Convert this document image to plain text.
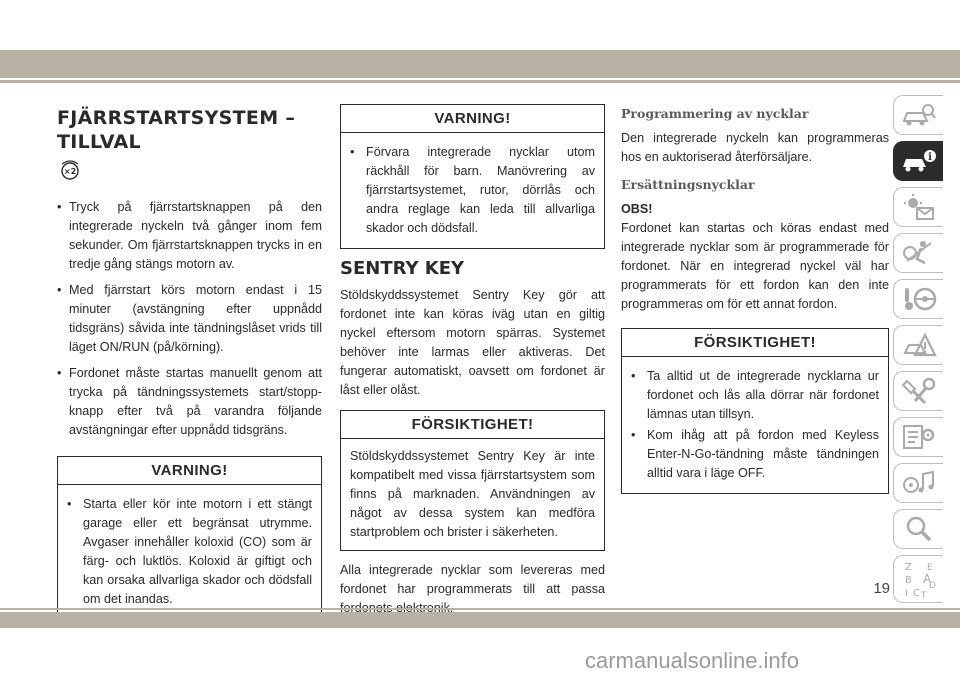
FJÄRRSTARTSYSTEM –
TILLVAL
×2
• Tryck på fjärrstartsknappen på den integrerade nyckeln två gånger inom fem sekunder. Om fjärrstartsknappen trycks in en tredje gång stängs motorn av.
• Med fjärrstart körs motorn endast i 15 minuter (avstängning efter uppnådd tidsgräns) såvida inte tändningslåset vrids till läget ON/RUN (på/körning).
• Fordonet måste startas manuellt genom att trycka på tändningssystemets start/stopp-knapp efter två på varandra följande avstängningar efter uppnådd tidsgräns.
VARNING!
• Starta eller kör inte motorn i ett stängt garage eller ett begränsat utrymme. Avgaser innehåller koloxid (CO) som är färg- och luktlös. Koloxid är giftigt och kan orsaka allvarliga skador och dödsfall om det inandas.
VARNING!
• Förvara integrerade nycklar utom räckhåll för barn. Manövrering av fjärrstartsystemet, rutor, dörrlås och andra reglage kan leda till allvarliga skador och dödsfall.
SENTRY KEY

Stöldskyddssystemet Sentry Key gör att fordonet inte kan köras iväg utan en giltig nyckel eftersom motorn spärras. Systemet behöver inte larmas eller aktiveras. Det fungerar automatiskt, oavsett om fordonet är låst eller olåst.

FÖRSIKTIGHET!

Stöldskyddssystemet Sentry Key är inte kompatibelt med vissa fjärrstartsystem som finns på marknaden. Användningen av något av dessa system kan medföra startproblem och brister i säkerheten.

Alla integrerade nycklar som levereras med fordonet har programmerats till att passa

Programmering av nycklar

Den integrerade nyckeln kan programmeras hos en auktoriserad återförsäljare.

Ersättningsnycklar

OBS!

Fordonet kan startas och köras endast med integrerade nycklar som är programmerade för fordonet. När en integrerad nyckel väl har programmerats för ett fordon kan den inte programmeras om för ett annat fordon.

FÖRSIKTIGHET!
• Ta alltid ut de integrerade nycklarna ur fordonet och lås alla dörrar när fordonet lämnas utan tillsyn.
• Kom ihåg att på fordon med Keyless Enter-N-Go-tändning måste tändningen alltid vara i läge OFF.
i
Z E
B A
I C
D
T
19
carmanualsonline.info
